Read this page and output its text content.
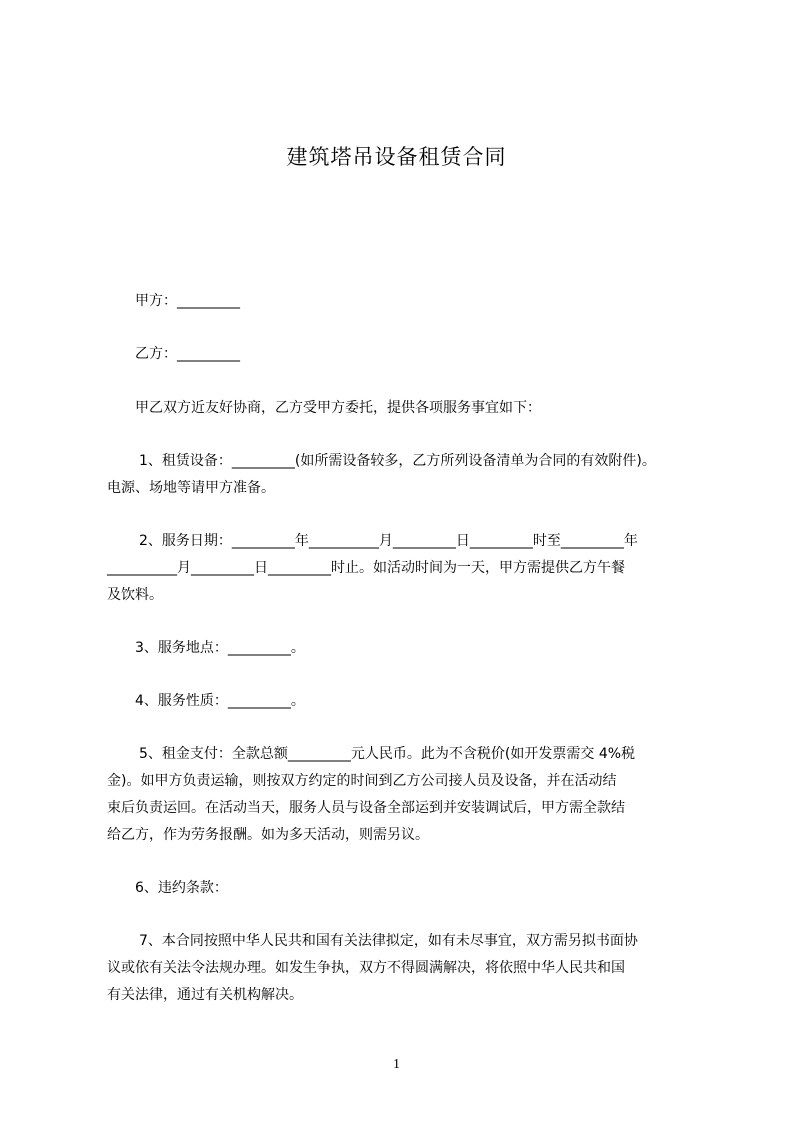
建筑塔吊设备租赁合同
甲方：_________
乙方：_________
甲乙双方近友好协商，乙方受甲方委托，提供各项服务事宜如下：
1、租赁设备：_________(如所需设备较多，乙方所列设备清单为合同的有效附件)。
电源、场地等请甲方准备。
2、服务日期：_________年__________月_________日_________时至_________年
__________月_________日_________时止。如活动时间为一天，甲方需提供乙方午餐
及饮料。
3、服务地点：_________。
4、服务性质：_________。
5、租金支付：全款总额_________元人民币。此为不含税价(如开发票需交 4%税
金)。如甲方负责运输，则按双方约定的时间到乙方公司接人员及设备，并在活动结
束后负责运回。在活动当天，服务人员与设备全部运到并安装调试后，甲方需全款结
给乙方，作为劳务报酬。如为多天活动，则需另议。
6、违约条款：
7、本合同按照中华人民共和国有关法律拟定，如有未尽事宜，双方需另拟书面协
议或依有关法令法规办理。如发生争执，双方不得圆满解决，将依照中华人民共和国
有关法律，通过有关机构解决。
1
